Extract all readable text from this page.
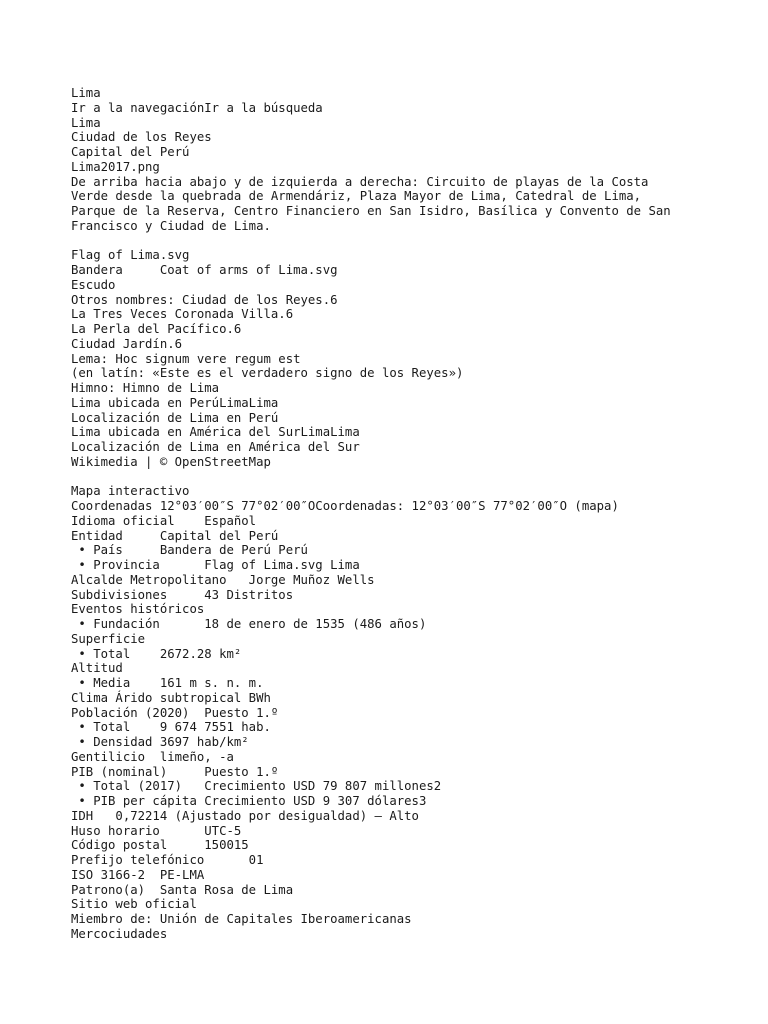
Lima
Ir a la navegaciónIr a la búsqueda
Lima
Ciudad de los Reyes
Capital del Perú
Lima2017.png
De arriba hacia abajo y de izquierda a derecha: Circuito de playas de la Costa
Verde desde la quebrada de Armendáriz, Plaza Mayor de Lima, Catedral de Lima,
Parque de la Reserva, Centro Financiero en San Isidro, Basílica y Convento de San
Francisco y Ciudad de Lima.
Flag of Lima.svg
Bandera     Coat of arms of Lima.svg
Escudo
Otros nombres: Ciudad de los Reyes.6
La Tres Veces Coronada Villa.6
La Perla del Pacífico.6
Ciudad Jardín.6
Lema: Hoc signum vere regum est
(en latín: «Este es el verdadero signo de los Reyes»)
Himno: Himno de Lima
Lima ubicada en PerúLimaLima
Localización de Lima en Perú
Lima ubicada en América del SurLimaLima
Localización de Lima en América del Sur
Wikimedia | © OpenStreetMap
Mapa interactivo
Coordenadas 12°03′00″S 77°02′00″OCoordenadas: 12°03′00″S 77°02′00″O (mapa)
Idioma oficial    Español
Entidad     Capital del Perú
• País     Bandera de Perú Perú
• Provincia      Flag of Lima.svg Lima
Alcalde Metropolitano   Jorge Muñoz Wells
Subdivisiones     43 Distritos
Eventos históricos
• Fundación      18 de enero de 1535 (486 años)
Superficie
• Total    2672.28 km²
Altitud
• Media    161 m s. n. m.
Clima Árido subtropical BWh
Población (2020)  Puesto 1.º
• Total    9 674 7551 hab.
• Densidad 3697 hab/km²
Gentilicio  limeño, -a
PIB (nominal)     Puesto 1.º
• Total (2017)   Crecimiento USD 79 807 millones2
• PIB per cápita Crecimiento USD 9 307 dólares3
IDH   0,72214 (Ajustado por desigualdad) – Alto
Huso horario      UTC-5
Código postal     150015
Prefijo telefónico      01
ISO 3166-2  PE-LMA
Patrono(a)  Santa Rosa de Lima
Sitio web oficial
Miembro de: Unión de Capitales Iberoamericanas
Mercociudades
